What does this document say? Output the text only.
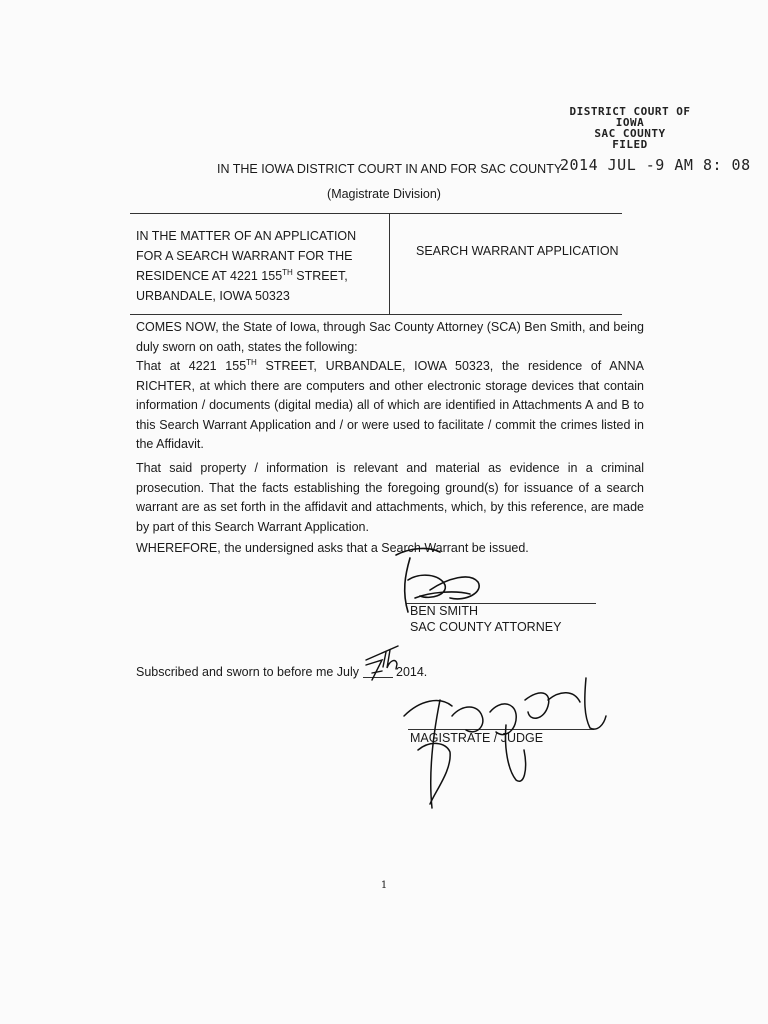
DISTRICT COURT OF IOWA
SAC COUNTY
FILED
2014 JUL -9 AM 8: 08
IN THE IOWA DISTRICT COURT IN AND FOR SAC COUNTY
(Magistrate Division)
IN THE MATTER OF AN APPLICATION
FOR A SEARCH WARRANT FOR THE
RESIDENCE AT 4221 155TH STREET,
URBANDALE, IOWA 50323
SEARCH WARRANT APPLICATION
COMES NOW, the State of Iowa, through Sac County Attorney (SCA) Ben Smith, and being duly sworn on oath, states the following:
That at 4221 155TH STREET, URBANDALE, IOWA 50323, the residence of ANNA RICHTER, at which there are computers and other electronic storage devices that contain information / documents (digital media) all of which are identified in Attachments A and B to this Search Warrant Application and / or were used to facilitate / commit the crimes listed in the Affidavit.
That said property / information is relevant and material as evidence in a criminal prosecution. That the facts establishing the foregoing ground(s) for issuance of a search warrant are as set forth in the affidavit and attachments, which, by this reference, are made by part of this Search Warrant Application.
WHEREFORE, the undersigned asks that a Search Warrant be issued.
BEN SMITH
SAC COUNTY ATTORNEY
Subscribed and sworn to before me July  2014.
MAGISTRATE / JUDGE
1
